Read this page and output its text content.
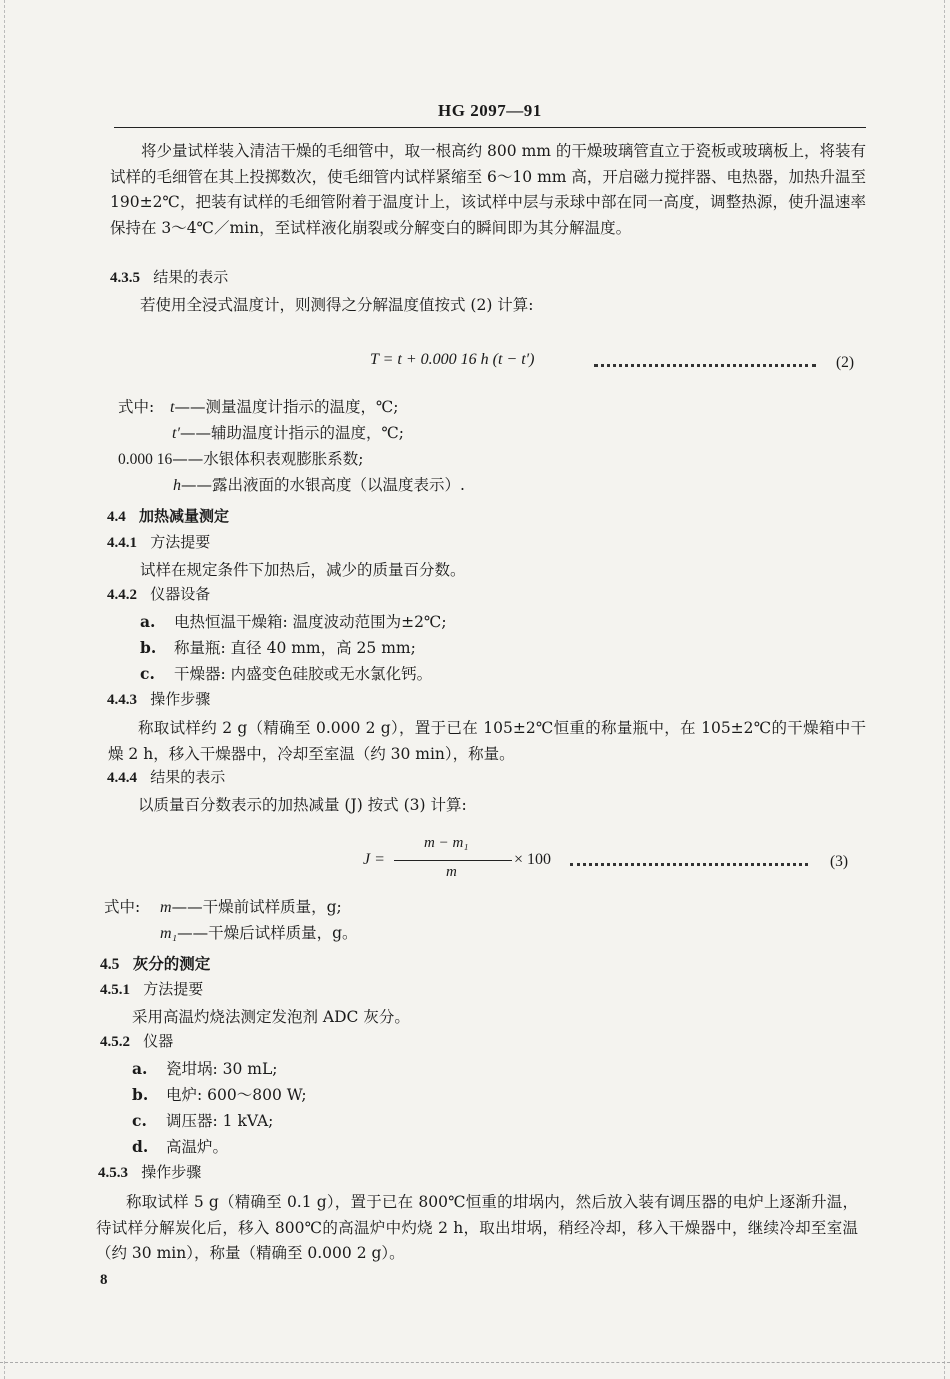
HG 2097—91
将少量试样装入清洁干燥的毛细管中，取一根高约 800 mm 的干燥玻璃管直立于瓷板或玻璃板上，将装有试样的毛细管在其上投掷数次，使毛细管内试样紧缩至 6～10 mm 高，开启磁力搅拌器、电热器，加热升温至 190±2℃，把装有试样的毛细管附着于温度计上，该试样中层与汞球中部在同一高度，调整热源，使升温速率保持在 3～4℃／min，至试样液化崩裂或分解变白的瞬间即为其分解温度。
4.3.5 结果的表示
若使用全浸式温度计，则测得之分解温度值按式 (2) 计算:
T = t + 0.000 16 h (t − t′)	(2)
式中: t——测量温度计指示的温度，℃;
t′——辅助温度计指示的温度，℃;
0.000 16——水银体积表观膨胀系数;
h——露出液面的水银高度（以温度表示）.
4.4 加热减量测定
4.4.1 方法提要
试样在规定条件下加热后，减少的质量百分数。
4.4.2 仪器设备
a. 电热恒温干燥箱: 温度波动范围为±2℃;
b. 称量瓶: 直径 40 mm，高 25 mm;
c. 干燥器: 内盛变色硅胶或无水氯化钙。
4.4.3 操作步骤
称取试样约 2 g（精确至 0.000 2 g），置于已在 105±2℃恒重的称量瓶中，在 105±2℃的干燥箱中干燥 2 h，移入干燥器中，冷却至室温（约 30 min），称量。
4.4.4 结果的表示
以质量百分数表示的加热减量 (J) 按式 (3) 计算:
J =
m − m₁
m
× 100	(3)
式中: m——干燥前试样质量，g;
m₁——干燥后试样质量，g。
4.5 灰分的测定
4.5.1 方法提要
采用高温灼烧法测定发泡剂 ADC 灰分。
4.5.2 仪器
a. 瓷坩埚: 30 mL;
b. 电炉: 600～800 W;
c. 调压器: 1 kVA;
d. 高温炉。
4.5.3 操作步骤
称取试样 5 g（精确至 0.1 g），置于已在 800℃恒重的坩埚内，然后放入装有调压器的电炉上逐渐升温，待试样分解炭化后，移入 800℃的高温炉中灼烧 2 h，取出坩埚，稍经冷却，移入干燥器中，继续冷却至室温（约 30 min），称量（精确至 0.000 2 g）。
8
